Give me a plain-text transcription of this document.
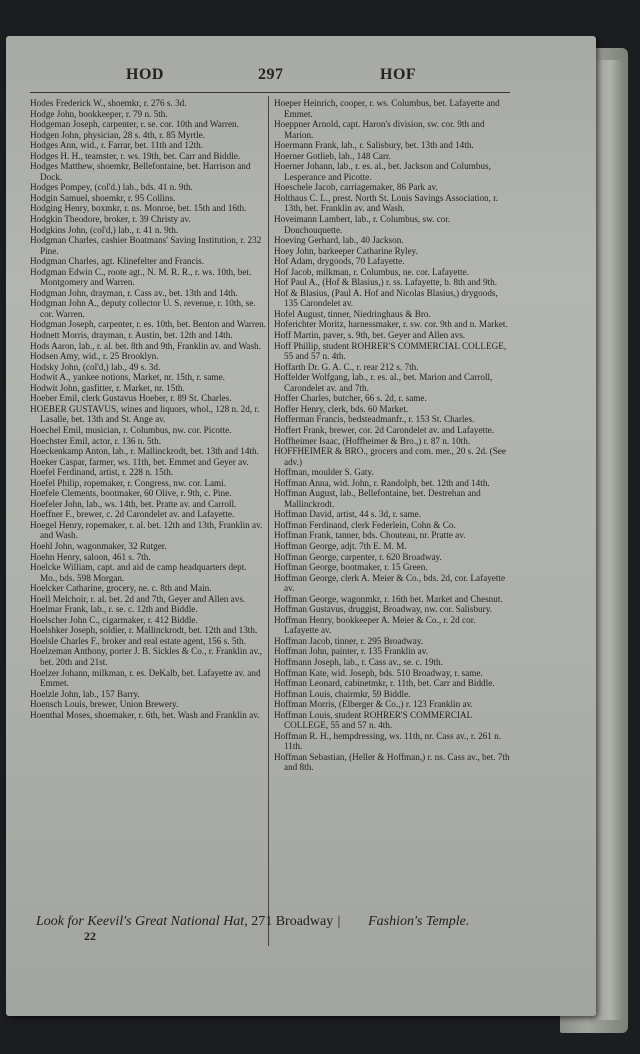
HOD	297	HOF

Hodes Frederick W., shoemkr, r. 276 s. 3d.

Hodge John, bookkeeper, r. 79 n. 5th.

Hodgeman Joseph, carpenter, r. se. cor. 10th and Warren.

Hodgen John, physician, 28 s. 4th, r. 85 Myrtle.

Hodges Ann, wid., r. Farrar, bet. 11th and 12th.

Hodges H. H., teamster, r. ws. 19th, bet. Carr and Biddle.

Hodges Matthew, shoemkr, Bellefontaine, bet. Harrison and Dock.

Hodges Pompey, (col'd.) lab., bds. 41 n. 9th.

Hodgin Samuel, shoemkr, r. 95 Collins.

Hodging Henry, boxmkr, r. ns. Monroe, bet. 15th and 16th.

Hodgkin Theodore, broker, r. 39 Christy av.

Hodgkins John, (col'd,) lab., r. 41 n. 9th.

Hodgman Charles, cashier Boatmans' Saving Institution, r. 232 Pine.

Hodgman Charles, agt. Klinefelter and Francis.

Hodgman Edwin C., roote agt., N. M. R. R., r. ws. 10th, bet. Montgomery and Warren.

Hodgman John, drayman, r. Cass av., bet. 13th and 14th.

Hodgman John A., deputy collector U. S. revenue, r. 10th, se. cor. Warren.

Hodgman Joseph, carpenter, r. es. 10th, bet. Benton and Warren.

Hodnett Morris, drayman, r. Austin, bet. 12th and 14th.

Hods Aaron, lab., r. al. bet. 8th and 9th, Franklin av. and Wash.

Hodsen Amy, wid., r. 25 Brooklyn.

Hodsky John, (col'd,) lab., 49 s. 3d.

Hodwit A., yankee notions, Market, nr. 15th, r. same.

Hodwit John, gasfitter, r. Market, nr. 15th.

Hoeber Emil, clerk Gustavus Hoeber, r. 89 St. Charles.

HOEBER GUSTAVUS, wines and liquors, whol., 128 n. 2d, r. Lasalle, bet. 13th and St. Ange av.

Hoechel Emil, musician, r. Columbus, nw. cor. Picotte.

Hoechster Emil, actor, r. 136 n. 5th.

Hoeckenkamp Anton, lab., r. Mallinckrodt, bet. 13th and 14th.

Hoeker Caspar, farmer, ws. 11th, bet. Emmet and Geyer av.

Hoefel Ferdinand, artist, r. 228 n. 15th.

Hoefel Philip, ropemaker, r. Congress, nw. cor. Lami.

Hoefele Clements, bootmaker, 60 Olive, r. 9th, c. Pine.

Hoefeler John, lab., ws. 14th, bet. Pratte av. and Carroll.

Hoeffner F., brewer, c. 2d Carondelet av. and Lafayette.

Hoegel Henry, ropemaker, r. al. bet. 12th and 13th, Franklin av. and Wash.

Hoehl John, wagonmaker, 32 Rutger.

Hoehn Henry, saloon, 461 s. 7th.

Hoelcke William, capt. and aid de camp headquarters dept. Mo., bds. 598 Morgan.

Hoelcker Catharine, grocery, ne. c. 8th and Main.

Hoell Melchoir, r. al. bet. 2d and 7th, Geyer and Allen avs.

Hoelmar Frank, lab., r. se. c. 12th and Biddle.

Hoelscher John C., cigarmaker, r. 412 Biddle.

Hoelshker Joseph, soldier, r. Mallinckrodt, bet. 12th and 13th.

Hoelsle Charles F., broker and real estate agent, 156 s. 5th.

Hoelzeman Anthony, porter J. B. Sickles & Co., r. Franklin av., bet. 20th and 21st.

Hoelzer Johann, milkman, r. es. DeKalb, bet. Lafayette av. and Emmet.

Hoelzle John, lab., 157 Barry.

Hoensch Louis, brewer, Union Brewery.

Hoenthal Moses, shoemaker, r. 6th, bet. Wash and Franklin av.

Hoeper Heinrich, cooper, r. ws. Columbus, bet. Lafayette and Emmet.

Hoeppner Arnold, capt. Haron's division, sw. cor. 9th and Marion.

Hoermann Frank, lab., r. Salisbury, bet. 13th and 14th.

Hoerner Gotlieb, lab., 148 Carr.

Hoerner Johann, lab., r. es. al., bet. Jackson and Columbus, Lesperance and Picotte.

Hoeschele Jacob, carriagemaker, 86 Park av.

Holthaus C. L., prest. North St. Louis Savings Association, r. 13th, bet. Franklin av. and Wash.

Hoveimann Lambert, lab., r. Columbus, sw. cor. Douchouquette.

Hoeving Gerhard, lab., 40 Jackson.

Hoey John, barkeeper Catharine Ryley.

Hof Adam, drygoods, 70 Lafayette.

Hof Jacob, milkman, r. Columbus, ne. cor. Lafayette.

Hof Paul A., (Hof & Blasius,) r. ss. Lafayette, b. 8th and 9th.

Hof & Blasius, (Paul A. Hof and Nicolas Blasius,) drygoods, 135 Carondelet av.

Hofel August, tinner, Niedringhaus & Bro.

Hoferichter Moritz, harnessmaker, r. sw. cor. 9th and n. Market.

Hoff Martin, paver, s. 9th, bet. Geyer and Allen avs.

Hoff Phillip, student ROHRER'S COMMERCIAL COLLEGE, 55 and 57 n. 4th.

Hoffarth Dr. G. A. C., r. rear 212 s. 7th.

Hoffelder Wolfgang, lab., r. es. al., bet. Marion and Carroll, Carondelet av. and 7th.

Hoffer Charles, butcher, 66 s. 2d, r. same.

Hoffer Henry, clerk, bds. 60 Market.

Hofferman Francis, bedsteadmanfr., r. 153 St. Charles.

Hoffert Frank, brewer, cor. 2d Carondelet av. and Lafayette.

Hoffheimer Isaac, (Hoffheimer & Bro.,) r. 87 n. 10th.

HOFFHEIMER & BRO., grocers and com. mer., 20 s. 2d. (See adv.)

Hoffman, moulder S. Gaty.

Hoffman Anna, wid. John, r. Randolph, bet. 12th and 14th.

Hoffman August, lab., Bellefontaine, bet. Destrehan and Mallinckrodt.

Hoffman David, artist, 44 s. 3d, r. same.

Hoffman Ferdinand, clerk Federlein, Cohn & Co.

Hoffman Frank, tanner, bds. Chouteau, nr. Pratte av.

Hoffman George, adjt. 7th E. M. M.

Hoffman George, carpenter, r. 620 Broadway.

Hoffman George, bootmaker, r. 15 Green.

Hoffman George, clerk A. Meier & Co., bds. 2d, cor. Lafayette av.

Hoffman George, wagonmkr, r. 16th bet. Market and Chesnut.

Hoffman Gustavus, druggist, Broadway, nw. cor. Salisbury.

Hoffman Henry, bookkeeper A. Meier & Co., r. 2d cor. Lafayette av.

Hoffman Jacob, tinner, r. 295 Broadway.

Hoffman John, painter, r. 135 Franklin av.

Hoffmann Joseph, lab., r. Cass av., se. c. 19th.

Hoffman Kate, wid. Joseph, bds. 510 Broadway, r. same.

Hoffman Leonard, cabinetmkr, r. 11th, bet. Carr and Biddle.

Hoffman Louis, chairmkr, 59 Biddle.

Hoffman Morris, (Elberger & Co.,) r. 123 Franklin av.

Hoffman Louis, student ROHRER'S COMMERCIAL COLLEGE, 55 and 57 n. 4th.

Hoffman R. H., hempdressing, ws. 11th, nr. Cass av., r. 261 n. 11th.

Hoffman Sebastian, (Heller & Hoffman,) r. ns. Cass av., bet. 7th and 8th.

Look for Keevil's Great National Hat, 271 Broadway | Fashion's Temple.
22
